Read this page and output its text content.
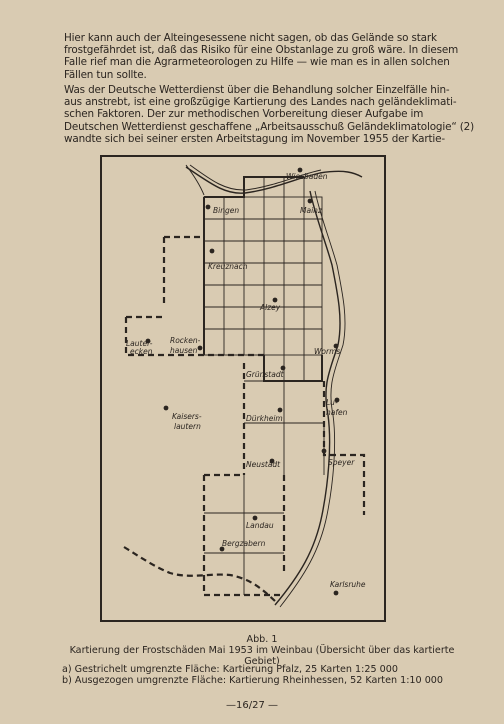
Hier kann auch der Alteingesessene nicht sagen, ob das Gelände so stark
frostgefährdet ist, daß das Risiko für eine Obstanlage zu groß wäre. In diesem
Falle rief man die Agrarmeteorologen zu Hilfe — wie man es in allen solchen
Fällen tun sollte.
Was der Deutsche Wetterdienst über die Behandlung solcher Einzelfälle hin-
aus anstrebt, ist eine großzügige Kartierung des Landes nach geländeklimati-
schen Faktoren. Der zur methodischen Vorbereitung dieser Aufgabe im
Deutschen Wetterdienst geschaffene „Arbeitsausschuß Geländeklimatologie“ (2)
wandte sich bei seiner ersten Arbeitstagung im November 1955 der Kartie-
Wiesbaden
Bingen	Mainz
Kreuznach
Alzey
Lauter-
ecken
Rocken-
hausen	Worms
Grünstadt
Lu-
hafen
Kaisers-
lautern
Dürkheim
Neustadt	Speyer
Landau
Bergzabern
Karlsruhe
Abb. 1
Kartierung der Frostschäden Mai 1953 im Weinbau (Übersicht über das kartierte Gebiet)
a) Gestrichelt umgrenzte Fläche: Kartierung Pfalz, 25 Karten 1:25 000
b) Ausgezogen umgrenzte Fläche: Kartierung Rheinhessen, 52 Karten 1:10 000
—16/27 —
